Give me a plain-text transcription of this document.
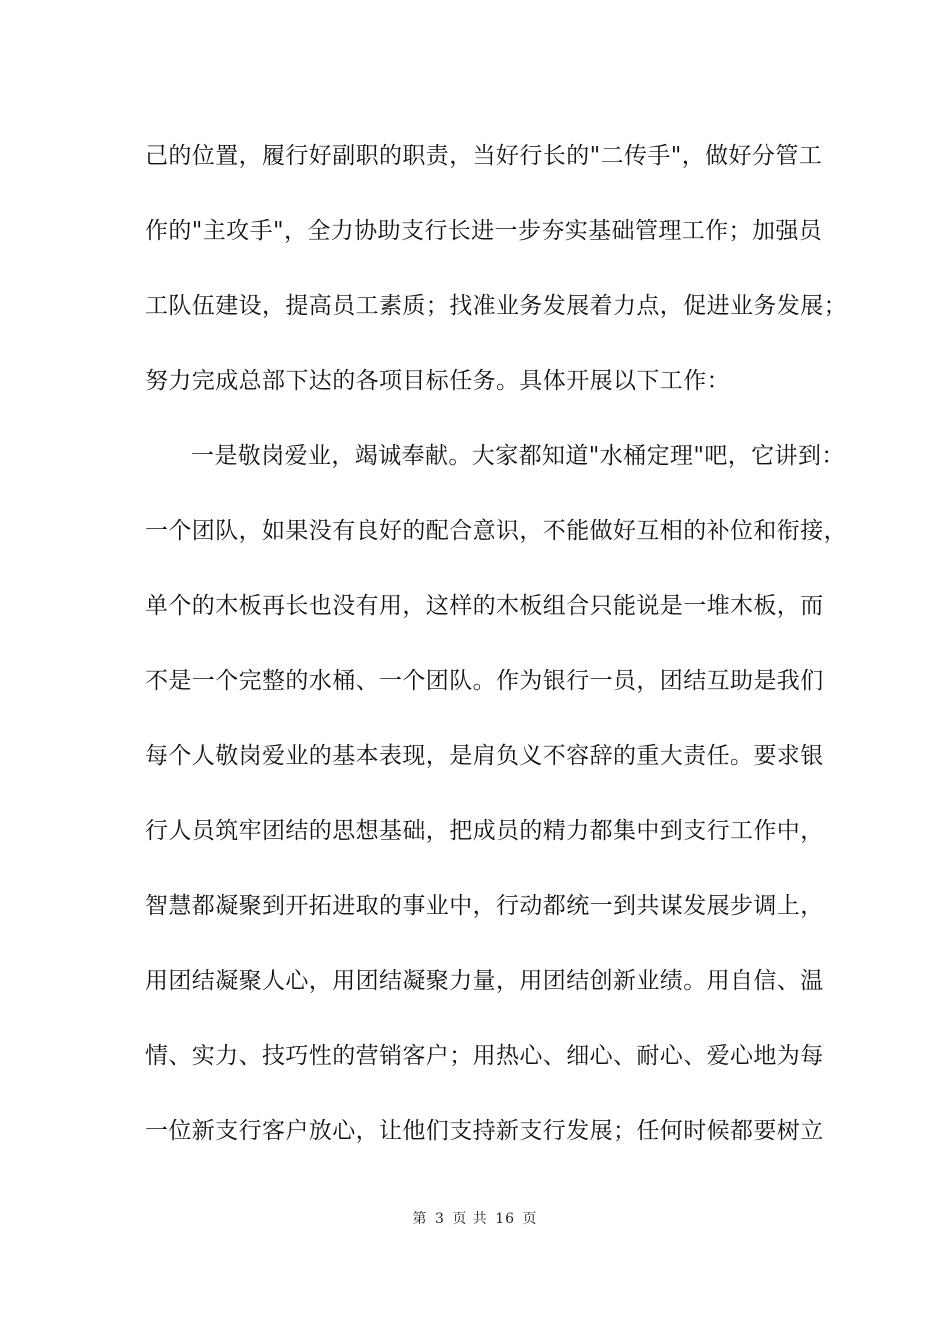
己的位置，履行好副职的职责，当好行长的"二传手"，做好分管工
作的"主攻手"，全力协助支行长进一步夯实基础管理工作；加强员
工队伍建设，提高员工素质；找准业务发展着力点，促进业务发展；
努力完成总部下达的各项目标任务。具体开展以下工作：
一是敬岗爱业，竭诚奉献。大家都知道"水桶定理"吧，它讲到：
一个团队，如果没有良好的配合意识，不能做好互相的补位和衔接，
单个的木板再长也没有用，这样的木板组合只能说是一堆木板，而
不是一个完整的水桶、一个团队。作为银行一员，团结互助是我们
每个人敬岗爱业的基本表现，是肩负义不容辞的重大责任。要求银
行人员筑牢团结的思想基础，把成员的精力都集中到支行工作中，
智慧都凝聚到开拓进取的事业中，行动都统一到共谋发展步调上，
用团结凝聚人心，用团结凝聚力量，用团结创新业绩。用自信、温
情、实力、技巧性的营销客户；用热心、细心、耐心、爱心地为每
一位新支行客户放心，让他们支持新支行发展；任何时候都要树立
第 3 页 共 16 页
